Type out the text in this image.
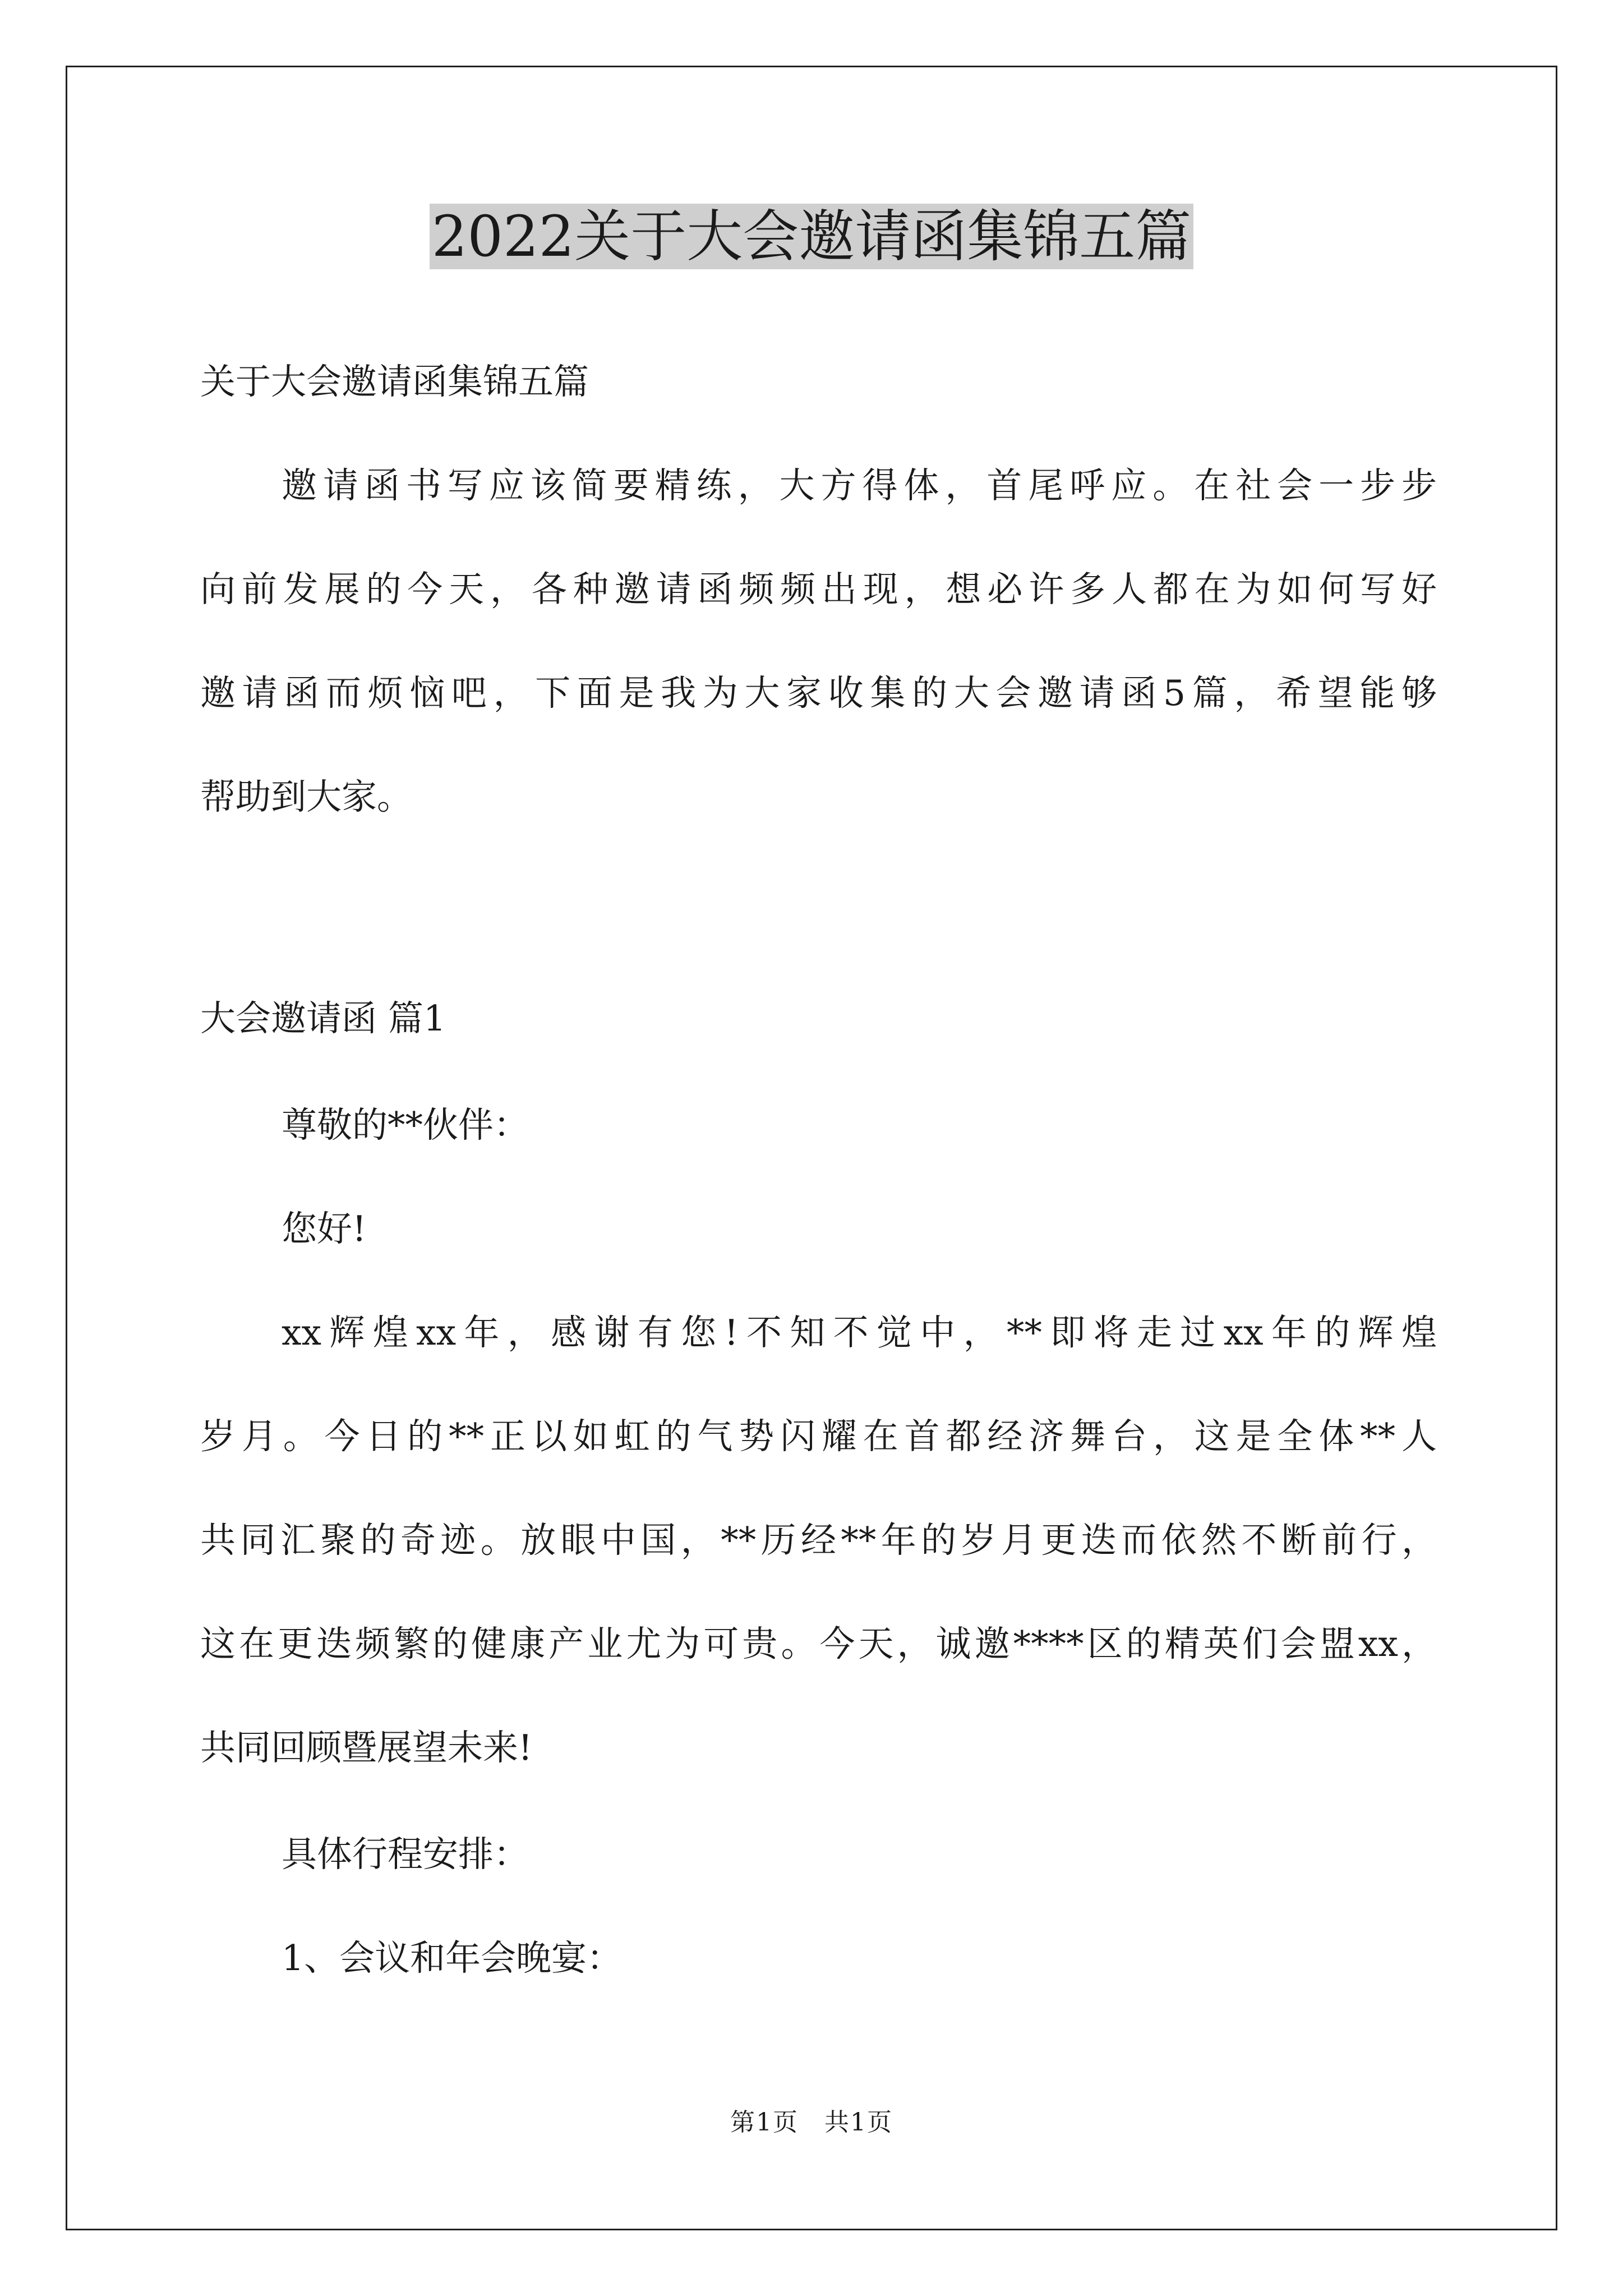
2022关于大会邀请函集锦五篇
关于大会邀请函集锦五篇
邀请函书写应该简要精练，大方得体，首尾呼应。在社会一步步
向前发展的今天，各种邀请函频频出现，想必许多人都在为如何写好
邀请函而烦恼吧，下面是我为大家收集的大会邀请函5篇，希望能够
帮助到大家。
大会邀请函 篇1
尊敬的**伙伴：
您好!
xx辉煌xx年，感谢有您!不知不觉中，**即将走过xx年的辉煌
岁月。今日的**正以如虹的气势闪耀在首都经济舞台，这是全体**人
共同汇聚的奇迹。放眼中国，**历经**年的岁月更迭而依然不断前行，
这在更迭频繁的健康产业尤为可贵。今天，诚邀****区的精英们会盟xx，
共同回顾暨展望未来!
具体行程安排：
1、会议和年会晚宴：
第1页　共1页
